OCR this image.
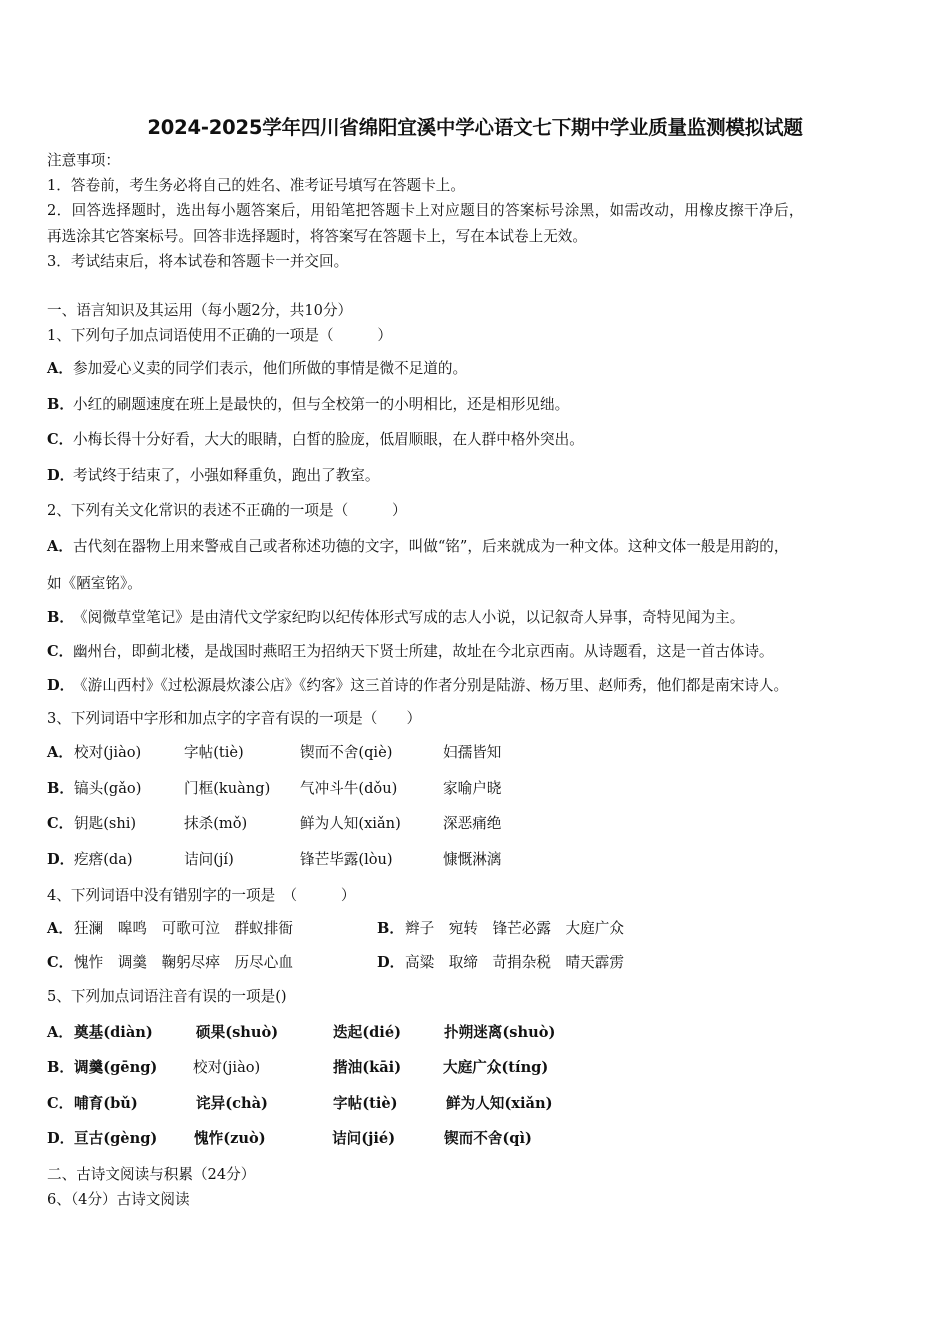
2024-2025学年四川省绵阳宜溪中学心语文七下期中学业质量监测模拟试题
注意事项：
1．答卷前，考生务必将自己的姓名、准考证号填写在答题卡上。
2．回答选择题时，选出每小题答案后，用铅笔把答题卡上对应题目的答案标号涂黑，如需改动，用橡皮擦干净后，
再选涂其它答案标号。回答非选择题时，将答案写在答题卡上，写在本试卷上无效。
3．考试结束后，将本试卷和答题卡一并交回。
一、语言知识及其运用（每小题2分，共10分）
1、下列句子加点词语使用不正确的一项是（　　　）
A．参加爱心义卖的同学们表示，他们所做的事情是微不足道的。
B．小红的刷题速度在班上是最快的，但与全校第一的小明相比，还是相形见绌。
C．小梅长得十分好看，大大的眼睛，白皙的脸庞，低眉顺眼，在人群中格外突出。
D．考试终于结束了，小强如释重负，跑出了教室。
2、下列有关文化常识的表述不正确的一项是（　　　）
A．古代刻在器物上用来警戒自己或者称述功德的文字，叫做“铭”，后来就成为一种文体。这种文体一般是用韵的，
如《陋室铭》。
B．《阅微草堂笔记》是由清代文学家纪昀以纪传体形式写成的志人小说，以记叙奇人异事，奇特见闻为主。
C．幽州台，即蓟北楼，是战国时燕昭王为招纳天下贤士所建，故址在今北京西南。从诗题看，这是一首古体诗。
D．《游山西村》《过松源晨炊漆公店》《约客》这三首诗的作者分别是陆游、杨万里、赵师秀，他们都是南宋诗人。
3、下列词语中字形和加点字的字音有误的一项是（　　）
A． 校对(jiào)	字帖(tiè)	锲而不舍(qiè)	妇孺皆知
B． 镐头(gǎo)	门框(kuàng) 气冲斗牛(dǒu)	家喻户晓
C． 钥匙(shi)	抹杀(mǒ)	鲜为人知(xiǎn)	深恶痛绝
D． 疙瘩(da)	诘问(jí)	锋芒毕露(lòu)	慷慨淋漓
4、下列词语中没有错别字的一项是　（　　　）
A． 狂澜　嗥鸣　可歌可泣　群蚁排衙	B． 辫子　宛转　锋芒必露　大庭广众
C． 愧怍　调羹　鞠躬尽瘁　历尽心血	D． 高粱　取缔　苛捐杂税　晴天霹雳
5、下列加点词语注音有误的一项是()
A． 奠基(diàn)	硕果(shuò)	迭起(dié)	扑朔迷离(shuò)
B． 调羹(gēng) 校对(jiào)	揩油(kāi)	大庭广众(tíng)
C． 哺育(bǔ)	诧异(chà)	字帖(tiè)	鲜为人知(xiǎn)
D． 亘古(gèng)	愧怍(zuò)	诘问(jié)	锲而不舍(qì)
二、古诗文阅读与积累（24分）
6、（4分）古诗文阅读
